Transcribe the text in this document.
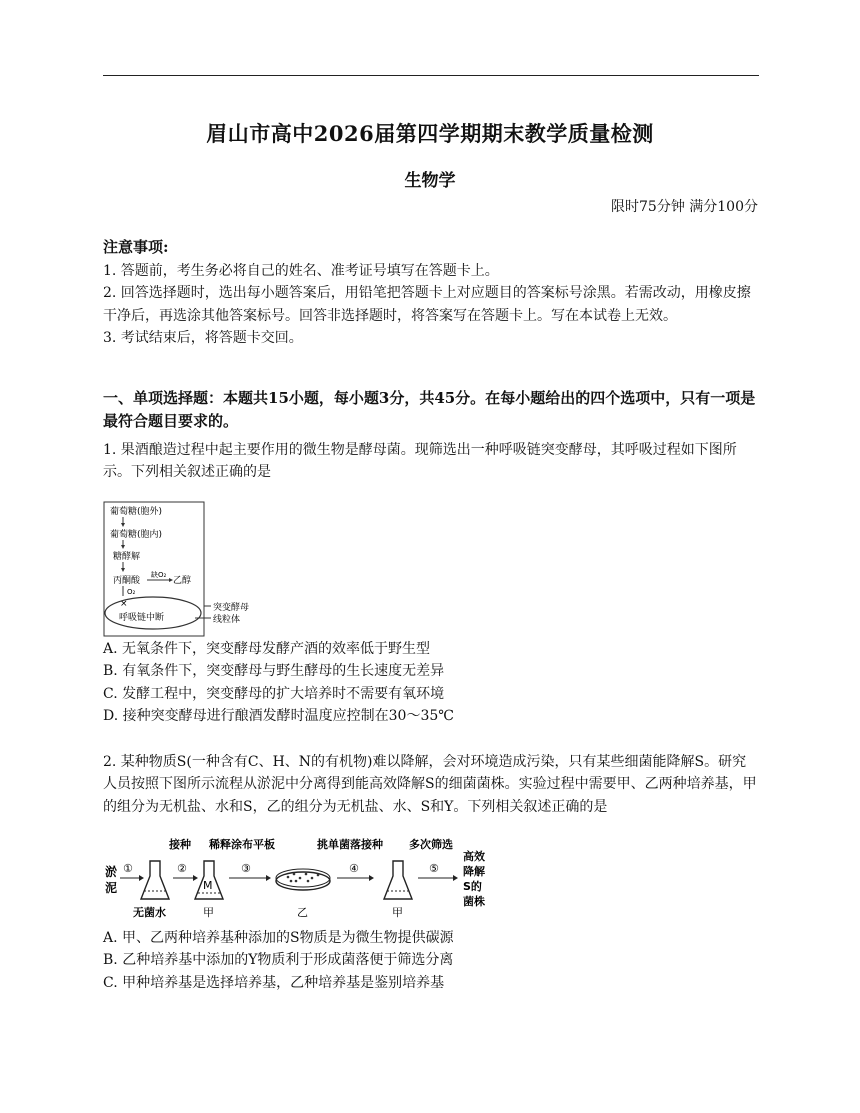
眉山市高中2026届第四学期期末教学质量检测
生物学
限时75分钟 满分100分
注意事项:
1. 答题前，考生务必将自己的姓名、准考证号填写在答题卡上。
2. 回答选择题时，选出每小题答案后，用铅笔把答题卡上对应题目的答案标号涂黑。若需改动，用橡皮擦干净后，再选涂其他答案标号。回答非选择题时，将答案写在答题卡上。写在本试卷上无效。
3. 考试结束后，将答题卡交回。
一、单项选择题：本题共15小题，每小题3分，共45分。在每小题给出的四个选项中，只有一项是最符合题目要求的。
1. 果酒酿造过程中起主要作用的微生物是酵母菌。现筛选出一种呼吸链突变酵母，其呼吸过程如下图所示。下列相关叙述正确的是
葡萄糖(胞外)
葡萄糖(胞内)
糖酵解
丙酮酸
缺O₂
乙醇
O₂
×
呼吸链中断
突变酵母
线粒体
A. 无氧条件下，突变酵母发酵产酒的效率低于野生型
B. 有氧条件下，突变酵母与野生酵母的生长速度无差异
C. 发酵工程中，突变酵母的扩大培养时不需要有氧环境
D. 接种突变酵母进行酿酒发酵时温度应控制在30～35℃
2. 某种物质S(一种含有C、H、N的有机物)难以降解，会对环境造成污染，只有某些细菌能降解S。研究人员按照下图所示流程从淤泥中分离得到能高效降解S的细菌菌株。实验过程中需要甲、乙两种培养基，甲的组分为无机盐、水和S，乙的组分为无机盐、水、S和Y。下列相关叙述正确的是
淤
泥
①
无菌水
②
接种
M
甲
稀释涂布平板
③
乙
④
挑单菌落接种
甲
多次筛选
⑤
高效
降解
S的
菌株
A. 甲、乙两种培养基种添加的S物质是为微生物提供碳源
B. 乙种培养基中添加的Y物质利于形成菌落便于筛选分离
C. 甲种培养基是选择培养基，乙种培养基是鉴别培养基
